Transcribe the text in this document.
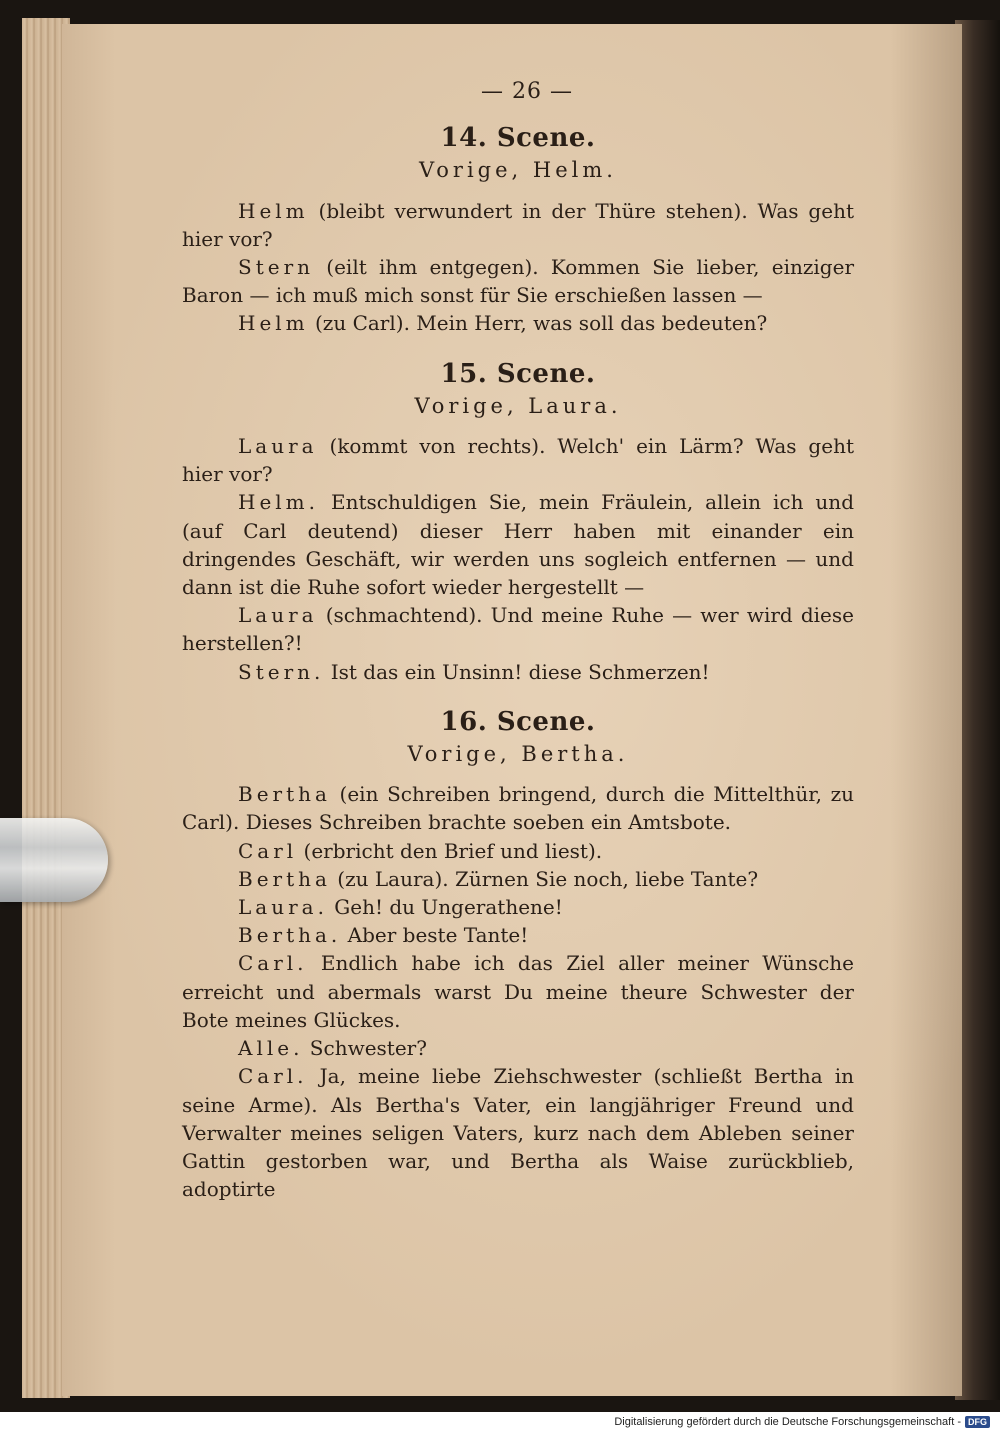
— 26 —
14. Scene.
Vorige, Helm.

Helm (bleibt verwundert in der Thüre stehen). Was geht hier vor?

Stern (eilt ihm entgegen). Kommen Sie lieber, einziger Baron — ich muß mich sonst für Sie erschießen lassen —

Helm (zu Carl). Mein Herr, was soll das bedeuten?

15. Scene.
Vorige, Laura.

Laura (kommt von rechts). Welch' ein Lärm? Was geht hier vor?

Helm. Entschuldigen Sie, mein Fräulein, allein ich und (auf Carl deutend) dieser Herr haben mit einander ein dringendes Geschäft, wir werden uns sogleich entfernen — und dann ist die Ruhe sofort wieder hergestellt —

Laura (schmachtend). Und meine Ruhe — wer wird diese herstellen?!

Stern. Ist das ein Unsinn! diese Schmerzen!

16. Scene.
Vorige, Bertha.

Bertha (ein Schreiben bringend, durch die Mittelthür, zu Carl). Dieses Schreiben brachte soeben ein Amtsbote.

Carl (erbricht den Brief und liest).

Bertha (zu Laura). Zürnen Sie noch, liebe Tante?

Laura. Geh! du Ungerathene!

Bertha. Aber beste Tante!

Carl. Endlich habe ich das Ziel aller meiner Wünsche erreicht und abermals warst Du meine theure Schwester der Bote meines Glückes.

Alle. Schwester?

Carl. Ja, meine liebe Ziehschwester (schließt Bertha in seine Arme). Als Bertha's Vater, ein langjähriger Freund und Verwalter meines seligen Vaters, kurz nach dem Ableben seiner Gattin gestorben war, und Bertha als Waise zurückblieb, adoptirte

Digitalisierung gefördert durch die Deutsche Forschungsgemeinschaft - DFG
